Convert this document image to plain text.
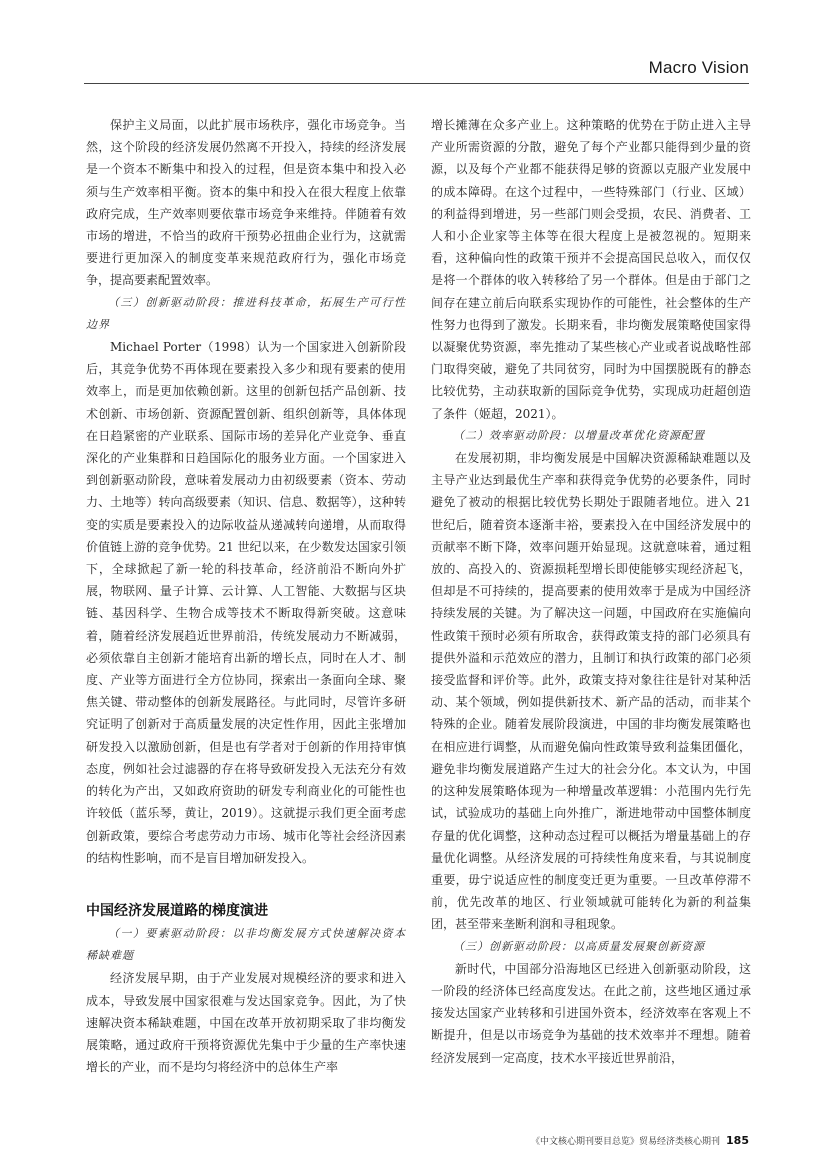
Macro Vision

保护主义局面，以此扩展市场秩序，强化市场竞争。当然，这个阶段的经济发展仍然离不开投入，持续的经济发展是一个资本不断集中和投入的过程，但是资本集中和投入必须与生产效率相平衡。资本的集中和投入在很大程度上依靠政府完成，生产效率则要依靠市场竞争来维持。伴随着有效市场的增进，不恰当的政府干预势必扭曲企业行为，这就需要进行更加深入的制度变革来规范政府行为，强化市场竞争，提高要素配置效率。

（三）创新驱动阶段：推进科技革命，拓展生产可行性边界

Michael Porter（1998）认为一个国家进入创新阶段后，其竞争优势不再体现在要素投入多少和现有要素的使用效率上，而是更加依赖创新。这里的创新包括产品创新、技术创新、市场创新、资源配置创新、组织创新等，具体体现在日趋紧密的产业联系、国际市场的差异化产业竞争、垂直深化的产业集群和日趋国际化的服务业方面。一个国家进入到创新驱动阶段，意味着发展动力由初级要素（资本、劳动力、土地等）转向高级要素（知识、信息、数据等），这种转变的实质是要素投入的边际收益从递减转向递增，从而取得价值链上游的竞争优势。21 世纪以来，在少数发达国家引领下，全球掀起了新一轮的科技革命，经济前沿不断向外扩展，物联网、量子计算、云计算、人工智能、大数据与区块链、基因科学、生物合成等技术不断取得新突破。这意味着，随着经济发展趋近世界前沿，传统发展动力不断减弱，必须依靠自主创新才能培育出新的增长点，同时在人才、制度、产业等方面进行全方位协同，探索出一条面向全球、聚焦关键、带动整体的创新发展路径。与此同时，尽管许多研究证明了创新对于高质量发展的决定性作用，因此主张增加研发投入以激励创新，但是也有学者对于创新的作用持审慎态度，例如社会过滤器的存在将导致研发投入无法充分有效的转化为产出，又如政府资助的研发专利商业化的可能性也许较低（蓝乐琴，黄让，2019）。这就提示我们更全面考虑创新政策，要综合考虑劳动力市场、城市化等社会经济因素的结构性影响，而不是盲目增加研发投入。

中国经济发展道路的梯度演进

（一）要素驱动阶段：以非均衡发展方式快速解决资本稀缺难题

经济发展早期，由于产业发展对规模经济的要求和进入成本，导致发展中国家很难与发达国家竞争。因此，为了快速解决资本稀缺难题，中国在改革开放初期采取了非均衡发展策略，通过政府干预将资源优先集中于少量的生产率快速增长的产业，而不是均匀将经济中的总体生产率

增长摊薄在众多产业上。这种策略的优势在于防止进入主导产业所需资源的分散，避免了每个产业都只能得到少量的资源，以及每个产业都不能获得足够的资源以克服产业发展中的成本障碍。在这个过程中，一些特殊部门（行业、区域）的利益得到增进，另一些部门则会受损，农民、消费者、工人和小企业家等主体等在很大程度上是被忽视的。短期来看，这种偏向性的政策干预并不会提高国民总收入，而仅仅是将一个群体的收入转移给了另一个群体。但是由于部门之间存在建立前后向联系实现协作的可能性，社会整体的生产性努力也得到了激发。长期来看，非均衡发展策略使国家得以凝聚优势资源，率先推动了某些核心产业或者说战略性部门取得突破，避免了共同贫穷，同时为中国摆脱既有的静态比较优势，主动获取新的国际竞争优势，实现成功赶超创造了条件（姬超，2021）。

（二）效率驱动阶段：以增量改革优化资源配置

在发展初期，非均衡发展是中国解决资源稀缺难题以及主导产业达到最优生产率和获得竞争优势的必要条件，同时避免了被动的根据比较优势长期处于跟随者地位。进入 21 世纪后，随着资本逐渐丰裕，要素投入在中国经济发展中的贡献率不断下降，效率问题开始显现。这就意味着，通过粗放的、高投入的、资源损耗型增长即使能够实现经济起飞，但却是不可持续的，提高要素的使用效率于是成为中国经济持续发展的关键。为了解决这一问题，中国政府在实施偏向性政策干预时必须有所取舍，获得政策支持的部门必须具有提供外溢和示范效应的潜力，且制订和执行政策的部门必须接受监督和评价等。此外，政策支持对象往往是针对某种活动、某个领域，例如提供新技术、新产品的活动，而非某个特殊的企业。随着发展阶段演进，中国的非均衡发展策略也在相应进行调整，从而避免偏向性政策导致利益集团僵化，避免非均衡发展道路产生过大的社会分化。本文认为，中国的这种发展策略体现为一种增量改革逻辑：小范围内先行先试，试验成功的基础上向外推广，渐进地带动中国整体制度存量的优化调整，这种动态过程可以概括为增量基础上的存量优化调整。从经济发展的可持续性角度来看，与其说制度重要，毋宁说适应性的制度变迁更为重要。一旦改革停滞不前，优先改革的地区、行业领域就可能转化为新的利益集团，甚至带来垄断利润和寻租现象。

（三）创新驱动阶段：以高质量发展聚创新资源

新时代，中国部分沿海地区已经进入创新驱动阶段，这一阶段的经济体已经高度发达。在此之前，这些地区通过承接发达国家产业转移和引进国外资本，经济效率在客观上不断提升，但是以市场竞争为基础的技术效率并不理想。随着经济发展到一定高度，技术水平接近世界前沿，

《中文核心期刊要目总览》贸易经济类核心期刊 185
